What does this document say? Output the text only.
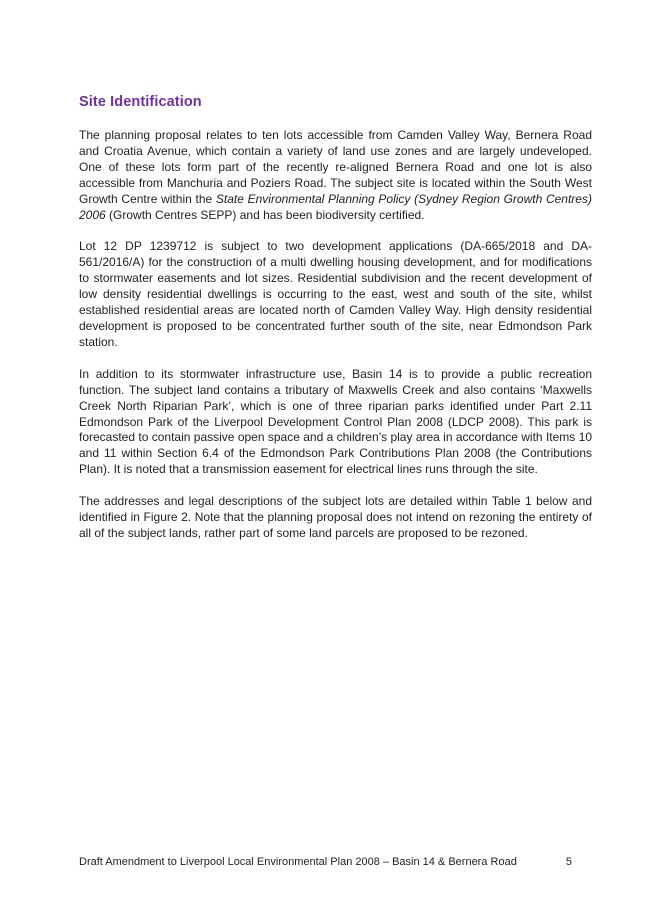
Site Identification

The planning proposal relates to ten lots accessible from Camden Valley Way, Bernera Road and Croatia Avenue, which contain a variety of land use zones and are largely undeveloped. One of these lots form part of the recently re-aligned Bernera Road and one lot is also accessible from Manchuria and Poziers Road. The subject site is located within the South West Growth Centre within the State Environmental Planning Policy (Sydney Region Growth Centres) 2006 (Growth Centres SEPP) and has been biodiversity certified.

Lot 12 DP 1239712 is subject to two development applications (DA-665/2018 and DA-561/2016/A) for the construction of a multi dwelling housing development, and for modifications to stormwater easements and lot sizes. Residential subdivision and the recent development of low density residential dwellings is occurring to the east, west and south of the site, whilst established residential areas are located north of Camden Valley Way. High density residential development is proposed to be concentrated further south of the site, near Edmondson Park station.

In addition to its stormwater infrastructure use, Basin 14 is to provide a public recreation function. The subject land contains a tributary of Maxwells Creek and also contains ‘Maxwells Creek North Riparian Park’, which is one of three riparian parks identified under Part 2.11 Edmondson Park of the Liverpool Development Control Plan 2008 (LDCP 2008). This park is forecasted to contain passive open space and a children’s play area in accordance with Items 10 and 11 within Section 6.4 of the Edmondson Park Contributions Plan 2008 (the Contributions Plan). It is noted that a transmission easement for electrical lines runs through the site.

The addresses and legal descriptions of the subject lots are detailed within Table 1 below and identified in Figure 2. Note that the planning proposal does not intend on rezoning the entirety of all of the subject lands, rather part of some land parcels are proposed to be rezoned.

Draft Amendment to Liverpool Local Environmental Plan 2008 – Basin 14 & Bernera Road	5
